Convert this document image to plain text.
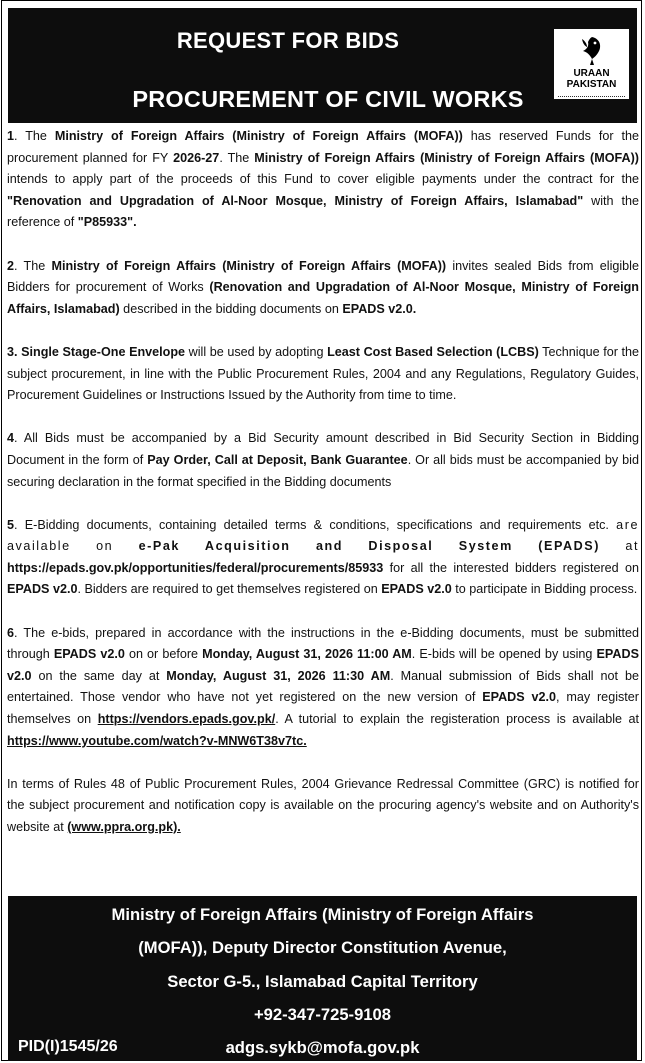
REQUEST FOR BIDS
PROCUREMENT OF CIVIL WORKS
URAAN
PAKISTAN

1. The Ministry of Foreign Affairs (Ministry of Foreign Affairs (MOFA)) has reserved Funds for the procurement planned for FY 2026-27. The Ministry of Foreign Affairs (Ministry of Foreign Affairs (MOFA)) intends to apply part of the proceeds of this Fund to cover eligible payments under the contract for the "Renovation and Upgradation of Al-Noor Mosque, Ministry of Foreign Affairs, Islamabad" with the reference of "P85933".

2. The Ministry of Foreign Affairs (Ministry of Foreign Affairs (MOFA)) invites sealed Bids from eligible Bidders for procurement of Works (Renovation and Upgradation of Al-Noor Mosque, Ministry of Foreign Affairs, Islamabad) described in the bidding documents on EPADS v2.0.

3. Single Stage-One Envelope will be used by adopting Least Cost Based Selection (LCBS) Technique for the subject procurement, in line with the Public Procurement Rules, 2004 and any Regulations, Regulatory Guides, Procurement Guidelines or Instructions Issued by the Authority from time to time.

4. All Bids must be accompanied by a Bid Security amount described in Bid Security Section in Bidding Document in the form of Pay Order, Call at Deposit, Bank Guarantee. Or all bids must be accompanied by bid securing declaration in the format specified in the Bidding documents

5. E-Bidding documents, containing detailed terms & conditions, specifications and requirements etc. are available on e-Pak Acquisition and Disposal System (EPADS) at https://epads.gov.pk/opportunities/federal/procurements/85933 for all the interested bidders registered on EPADS v2.0. Bidders are required to get themselves registered on EPADS v2.0 to participate in Bidding process.

6. The e-bids, prepared in accordance with the instructions in the e-Bidding documents, must be submitted through EPADS v2.0 on or before Monday, August 31, 2026 11:00 AM. E-bids will be opened by using EPADS v2.0 on the same day at Monday, August 31, 2026 11:30 AM. Manual submission of Bids shall not be entertained. Those vendor who have not yet registered on the new version of EPADS v2.0, may register themselves on https://vendors.epads.gov.pk/. A tutorial to explain the registeration process is available at https://www.youtube.com/watch?v-MNW6T38v7tc.

In terms of Rules 48 of Public Procurement Rules, 2004 Grievance Redressal Committee (GRC) is notified for the subject procurement and notification copy is available on the procuring agency's website and on Authority's website at (www.ppra.org.pk).

Ministry of Foreign Affairs (Ministry of Foreign Affairs
(MOFA)), Deputy Director Constitution Avenue,
Sector G-5., Islamabad Capital Territory
+92-347-725-9108
adgs.sykb@mofa.gov.pk
PID(I)1545/26
